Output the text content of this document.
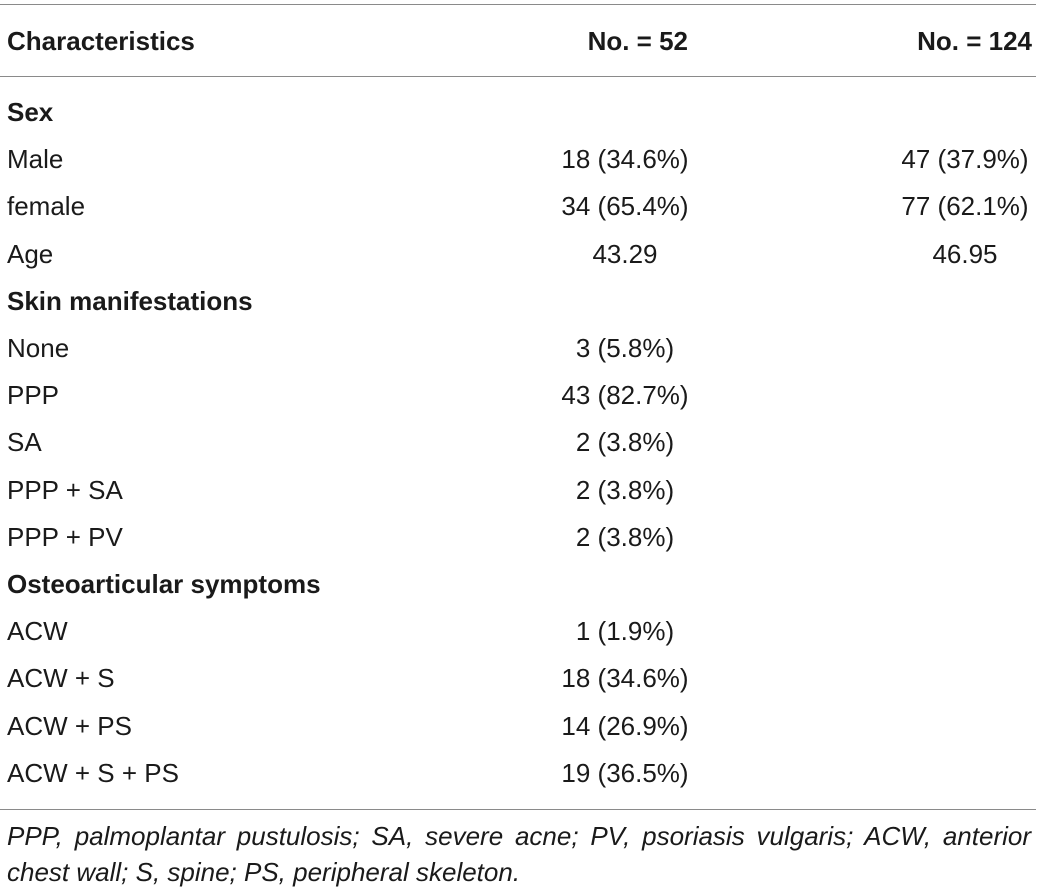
Characteristics	No. = 52	No. = 124
Sex
Male	18 (34.6%)	47 (37.9%)
female	34 (65.4%)	77 (62.1%)
Age	43.29	46.95
Skin manifestations
None	3 (5.8%)
PPP	43 (82.7%)
SA	2 (3.8%)
PPP + SA	2 (3.8%)
PPP + PV	2 (3.8%)
Osteoarticular symptoms
ACW	1 (1.9%)
ACW + S	18 (34.6%)
ACW + PS	14 (26.9%)
ACW + S + PS	19 (36.5%)
PPP, palmoplantar pustulosis; SA, severe acne; PV, psoriasis vulgaris; ACW, anterior chest wall; S, spine; PS, peripheral skeleton.
